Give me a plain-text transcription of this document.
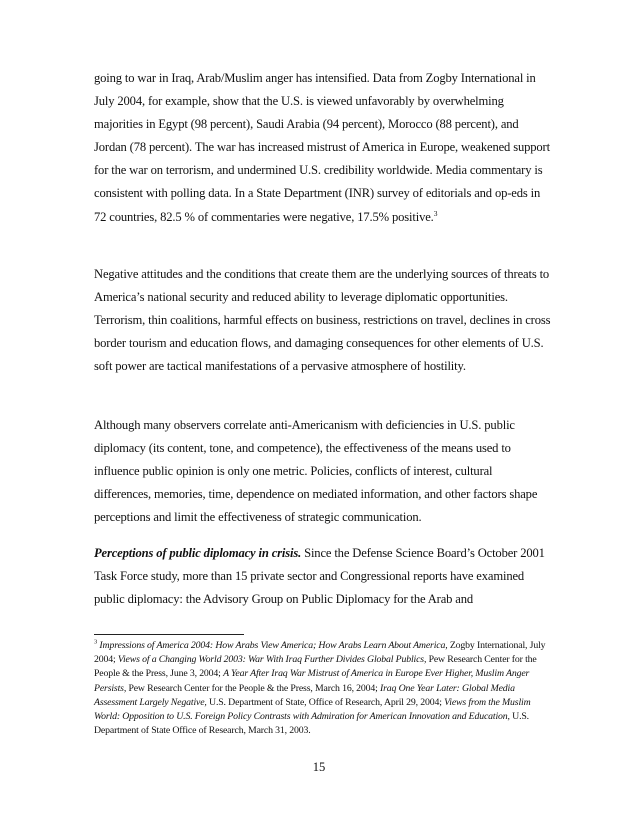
going to war in Iraq, Arab/Muslim anger has intensified. Data from Zogby International in July 2004, for example, show that the U.S. is viewed unfavorably by overwhelming majorities in Egypt (98 percent), Saudi Arabia (94 percent), Morocco (88 percent), and Jordan (78 percent). The war has increased mistrust of America in Europe, weakened support for the war on terrorism, and undermined U.S. credibility worldwide. Media commentary is consistent with polling data. In a State Department (INR) survey of editorials and op-eds in 72 countries, 82.5 % of commentaries were negative, 17.5% positive.$^3$
Negative attitudes and the conditions that create them are the underlying sources of threats to America’s national security and reduced ability to leverage diplomatic opportunities. Terrorism, thin coalitions, harmful effects on business, restrictions on travel, declines in cross border tourism and education flows, and damaging consequences for other elements of U.S. soft power are tactical manifestations of a pervasive atmosphere of hostility.
Although many observers correlate anti-Americanism with deficiencies in U.S. public diplomacy (its content, tone, and competence), the effectiveness of the means used to influence public opinion is only one metric. Policies, conflicts of interest, cultural differences, memories, time, dependence on mediated information, and other factors shape perceptions and limit the effectiveness of strategic communication.
Perceptions of public diplomacy in crisis. Since the Defense Science Board’s October 2001 Task Force study, more than 15 private sector and Congressional reports have examined public diplomacy: the Advisory Group on Public Diplomacy for the Arab and
$^3$ Impressions of America 2004: How Arabs View America; How Arabs Learn About America, Zogby International, July 2004; Views of a Changing World 2003: War With Iraq Further Divides Global Publics, Pew Research Center for the People & the Press, June 3, 2004; A Year After Iraq War Mistrust of America in Europe Ever Higher, Muslim Anger Persists, Pew Research Center for the People & the Press, March 16, 2004; Iraq One Year Later: Global Media Assessment Largely Negative, U.S. Department of State, Office of Research, April 29, 2004; Views from the Muslim World: Opposition to U.S. Foreign Policy Contrasts with Admiration for American Innovation and Education, U.S. Department of State Office of Research, March 31, 2003.
15
